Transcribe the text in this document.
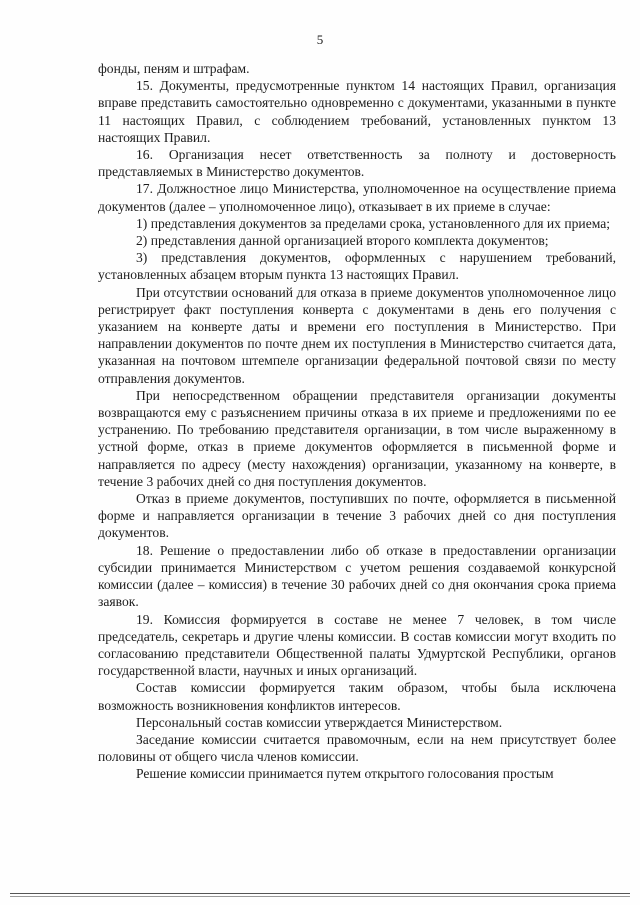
5

фонды, пеням и штрафам.

15. Документы, предусмотренные пунктом 14 настоящих Правил, организация вправе представить самостоятельно одновременно с документами, указанными в пункте 11 настоящих Правил, с соблюдением требований, установленных пунктом 13 настоящих Правил.

16. Организация несет ответственность за полноту и достоверность представляемых в Министерство документов.

17. Должностное лицо Министерства, уполномоченное на осуществление приема документов (далее – уполномоченное лицо), отказывает в их приеме в случае:

1) представления документов за пределами срока, установленного для их приема;

2) представления данной организацией второго комплекта документов;

3) представления документов, оформленных с нарушением требований, установленных абзацем вторым пункта 13 настоящих Правил.

При отсутствии оснований для отказа в приеме документов уполномоченное лицо регистрирует факт поступления конверта с документами в день его получения с указанием на конверте даты и времени его поступления в Министерство. При направлении документов по почте днем их поступления в Министерство считается дата, указанная на почтовом штемпеле организации федеральной почтовой связи по месту отправления документов.

При непосредственном обращении представителя организации документы возвращаются ему с разъяснением причины отказа в их приеме и предложениями по ее устранению. По требованию представителя организации, в том числе выраженному в устной форме, отказ в приеме документов оформляется в письменной форме и направляется по адресу (месту нахождения) организации, указанному на конверте, в течение 3 рабочих дней со дня поступления документов.

Отказ в приеме документов, поступивших по почте, оформляется в письменной форме и направляется организации в течение 3 рабочих дней со дня поступления документов.

18. Решение о предоставлении либо об отказе в предоставлении организации субсидии принимается Министерством с учетом решения создаваемой конкурсной комиссии (далее – комиссия) в течение 30 рабочих дней со дня окончания срока приема заявок.

19. Комиссия формируется в составе не менее 7 человек, в том числе председатель, секретарь и другие члены комиссии. В состав комиссии могут входить по согласованию представители Общественной палаты Удмуртской Республики, органов государственной власти, научных и иных организаций.

Состав комиссии формируется таким образом, чтобы была исключена возможность возникновения конфликтов интересов.

Персональный состав комиссии утверждается Министерством.

Заседание комиссии считается правомочным, если на нем присутствует более половины от общего числа членов комиссии.

Решение комиссии принимается путем открытого голосования простым
